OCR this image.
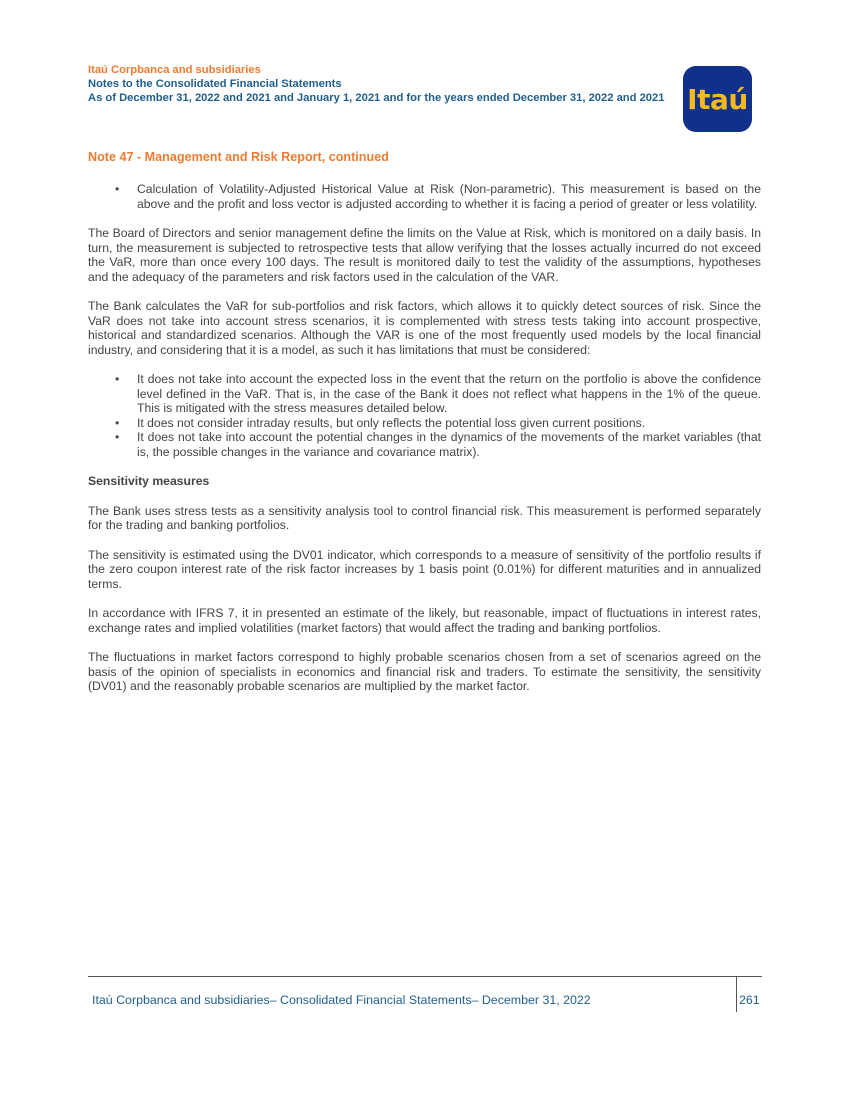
Itaú Corpbanca and subsidiaries
Notes to the Consolidated Financial Statements
As of December 31, 2022 and 2021 and January 1, 2021 and for the years ended December 31, 2022 and 2021 Itaú
Note 47 - Management and Risk Report, continued
• Calculation of Volatility-Adjusted Historical Value at Risk (Non-parametric). This measurement is based on the above and the profit and loss vector is adjusted according to whether it is facing a period of greater or less volatility.

The Board of Directors and senior management define the limits on the Value at Risk, which is monitored on a daily basis. In turn, the measurement is subjected to retrospective tests that allow verifying that the losses actually incurred do not exceed the VaR, more than once every 100 days. The result is monitored daily to test the validity of the assumptions, hypotheses and the adequacy of the parameters and risk factors used in the calculation of the VAR.

The Bank calculates the VaR for sub-portfolios and risk factors, which allows it to quickly detect sources of risk. Since the VaR does not take into account stress scenarios, it is complemented with stress tests taking into account prospective, historical and standardized scenarios. Although the VAR is one of the most frequently used models by the local financial industry, and considering that it is a model, as such it has limitations that must be considered:

• It does not take into account the expected loss in the event that the return on the portfolio is above the confidence level defined in the VaR. That is, in the case of the Bank it does not reflect what happens in the 1% of the queue. This is mitigated with the stress measures detailed below.
• It does not consider intraday results, but only reflects the potential loss given current positions.
• It does not take into account the potential changes in the dynamics of the movements of the market variables (that is, the possible changes in the variance and covariance matrix).
Sensitivity measures

The Bank uses stress tests as a sensitivity analysis tool to control financial risk. This measurement is performed separately for the trading and banking portfolios.

The sensitivity is estimated using the DV01 indicator, which corresponds to a measure of sensitivity of the portfolio results if the zero coupon interest rate of the risk factor increases by 1 basis point (0.01%) for different maturities and in annualized terms.

In accordance with IFRS 7, it in presented an estimate of the likely, but reasonable, impact of fluctuations in interest rates, exchange rates and implied volatilities (market factors) that would affect the trading and banking portfolios.

The fluctuations in market factors correspond to highly probable scenarios chosen from a set of scenarios agreed on the basis of the opinion of specialists in economics and financial risk and traders. To estimate the sensitivity, the sensitivity (DV01) and the reasonably probable scenarios are multiplied by the market factor.

Itaú Corpbanca and subsidiaries– Consolidated Financial Statements– December 31, 2022	261
